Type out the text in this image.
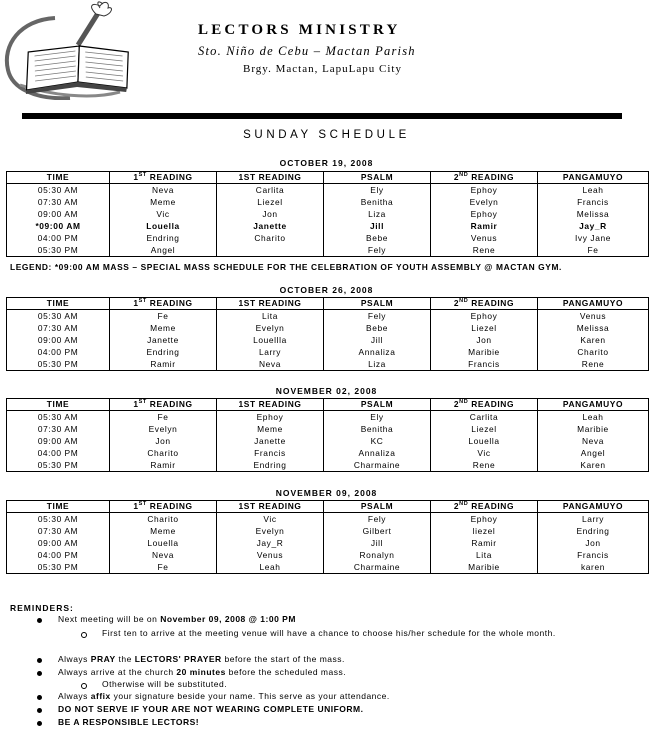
LECTORS MINISTRY
Sto. Niño de Cebu – Mactan Parish
Brgy. Mactan, LapuLapu City
SUNDAY SCHEDULE
OCTOBER 19, 2008
TIME	1ST READING	1ST READING	PSALM	2ND READING	PANGAMUYO
05:30 AM	Neva	Carlita	Ely	Ephoy	Leah
07:30 AM	Meme	Liezel	Benitha	Evelyn	Francis
09:00 AM	Vic	Jon	Liza	Ephoy	Melissa
*09:00 AM	Louella	Janette	Jill	Ramir	Jay_R
04:00 PM	Endring	Charito	Bebe	Venus	Ivy Jane
05:30 PM	Angel		Fely	Rene	Fe
OCTOBER 26, 2008
TIME	1ST READING	1ST READING	PSALM	2ND READING	PANGAMUYO
05:30 AM	Fe	Lita	Fely	Ephoy	Venus
07:30 AM	Meme	Evelyn	Bebe	Liezel	Melissa
09:00 AM	Janette	Louellla	Jill	Jon	Karen
04:00 PM	Endring	Larry	Annaliza	Maribie	Charito
05:30 PM	Ramir	Neva	Liza	Francis	Rene
NOVEMBER 02, 2008
TIME	1ST READING	1ST READING	PSALM	2ND READING	PANGAMUYO
05:30 AM	Fe	Ephoy	Ely	Carlita	Leah
07:30 AM	Evelyn	Meme	Benitha	Liezel	Maribie
09:00 AM	Jon	Janette	KC	Louella	Neva
04:00 PM	Charito	Francis	Annaliza	Vic	Angel
05:30 PM	Ramir	Endring	Charmaine	Rene	Karen
NOVEMBER 09, 2008
TIME	1ST READING	1ST READING	PSALM	2ND READING	PANGAMUYO
05:30 AM	Charito	Vic	Fely	Ephoy	Larry
07:30 AM	Meme	Evelyn	Gilbert	liezel	Endring
09:00 AM	Louella	Jay_R	Jill	Ramir	Jon
04:00 PM	Neva	Venus	Ronalyn	Lita	Francis
05:30 PM	Fe	Leah	Charmaine	Maribie	karen
LEGEND: *09:00 AM MASS – SPECIAL MASS SCHEDULE FOR THE CELEBRATION OF YOUTH ASSEMBLY @ MACTAN GYM.
REMINDERS:
Next meeting will be on November 09, 2008 @ 1:00 PM
First ten to arrive at the meeting venue will have a chance to choose his/her schedule for the whole month.
Always PRAY the LECTORS' PRAYER before the start of the mass.
Always arrive at the church 20 minutes before the scheduled mass.
Otherwise will be substituted.
Always affix your signature beside your name. This serve as your attendance.
DO NOT SERVE IF YOUR ARE NOT WEARING COMPLETE UNIFORM.
BE A RESPONSIBLE LECTORS!
